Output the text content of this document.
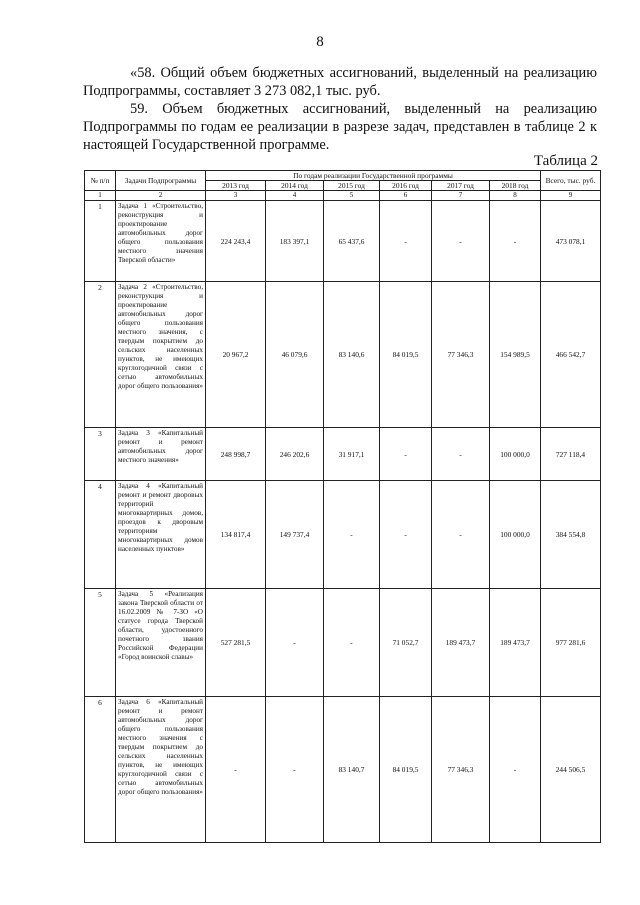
8

«58. Общий объем бюджетных ассигнований, выделенный на реализацию Подпрограммы, составляет 3 273 082,1 тыс. руб.

59. Объем бюджетных ассигнований, выделенный на реализацию Подпрограммы по годам ее реализации в разрезе задач, представлен в таблице 2 к настоящей Государственной программе.

Таблица 2
№ п/п	Задачи Подпрограммы	По годам реализации Государственной программы						Всего, тыс. руб.
		2013 год	2014 год	2015 год	2016 год	2017 год	2018 год	
1	2	3	4	5	6	7	8	9
1	Задача 1 «Строительство, реконструкция и проектирование автомобильных дорог общего пользования местного значения Тверской области»	224 243,4	183 397,1	65 437,6	-	-	-	473 078,1
2	Задача 2 «Строительство, реконструкция и проектирование автомобильных дорог общего пользования местного значения, с твердым покрытием до сельских населенных пунктов, не имеющих круглогодичной связи с сетью автомобильных дорог общего пользования»	20 967,2	46 079,6	83 140,6	84 019,5	77 346,3	154 989,5	466 542,7
3	Задача 3 «Капитальный ремонт и ремонт автомобильных дорог местного значения»	248 998,7	246 202,6	31 917,1	-	-	100 000,0	727 118,4
4	Задача 4 «Капитальный ремонт и ремонт дворовых территорий многоквартирных домов, проездов к дворовым территориям многоквартирных домов населенных пунктов»	134 817,4	149 737,4	-	-	-	100 000,0	384 554,8
5	Задача 5 «Реализация закона Тверской области от 16.02.2009 № 7-ЗО «О статусе города Тверской области, удостоенного почетного звания Российской Федерации «Город воинской славы»	527 281,5	-	-	71 052,7	189 473,7	189 473,7	977 281,6
6	Задача 6 «Капитальный ремонт и ремонт автомобильных дорог общего пользования местного значения с твердым покрытием до сельских населенных пунктов, не имеющих круглогодичной связи с сетью автомобильных дорог общего пользования»	-	-	83 140,7	84 019,5	77 346,3	-	244 506,5
